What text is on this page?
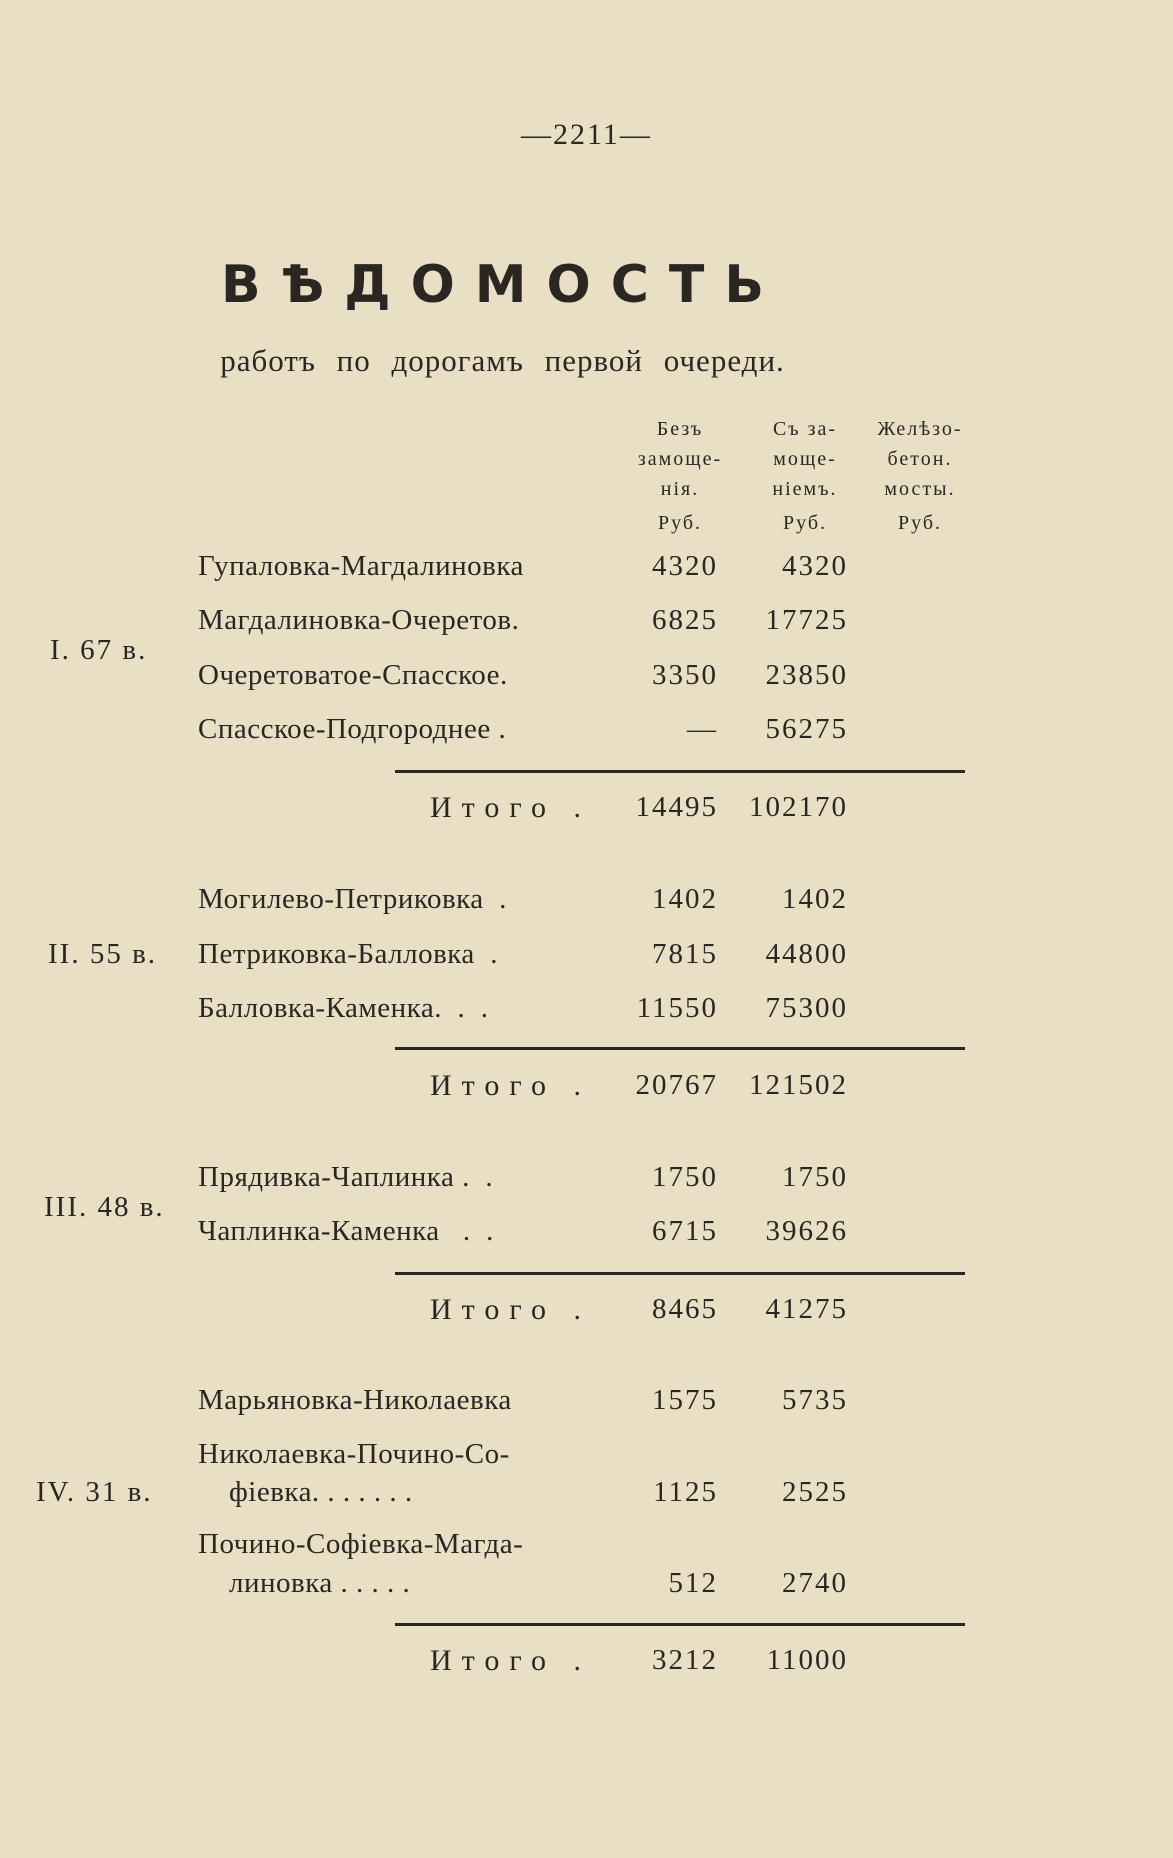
—2211—
ВѢДОМОСТЬ
работъ по дорогамъ первой очереди.
Безъ
замоще-
нія.
Съ за-
моще-
ніемъ.
Желѣзо-
бетон.
мосты.
Руб.	Руб.	Руб.
I. 67 в.
Гупаловка-Магдалиновка	4320	4320
Магдалиновка-Очеретов.	6825	17725
Очеретоватое-Спасское.	3350	23850
Спасское-Подгороднее .	—	56275
Итого .	14495	102170
II. 55 в.
Могилево-Петриковка  .	1402	1402
Петриковка-Балловка  .	7815	44800
Балловка-Каменка.  .  .	11550	75300
Итого .	20767	121502
III. 48 в.
Прядивка-Чаплинка .  .	1750	1750
Чаплинка-Каменка   .  .	6715	39626
Итого .	8465	41275
IV. 31 в.
Марьяновка-Николаевка	1575	5735
Николаевка-Почино-Со-
фіевка. . . . . . .	1125	2525
Почино-Софіевка-Магда-
линовка . . . . .	512	2740
Итого .	3212	11000
